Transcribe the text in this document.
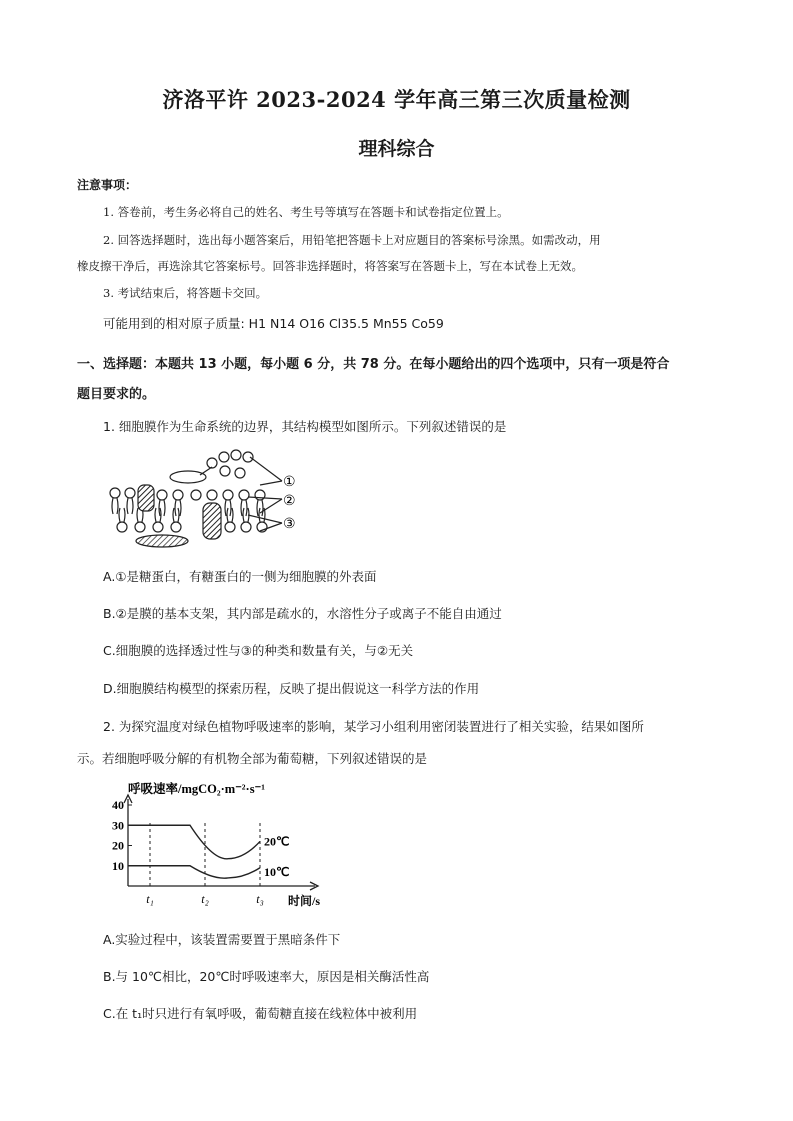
济洛平许 2023-2024 学年高三第三次质量检测
理科综合
注意事项：
1. 答卷前，考生务必将自己的姓名、考生号等填写在答题卡和试卷指定位置上。
2. 回答选择题时，选出每小题答案后，用铅笔把答题卡上对应题目的答案标号涂黑。如需改动，用
橡皮擦干净后，再选涂其它答案标号。回答非选择题时，将答案写在答题卡上，写在本试卷上无效。
3. 考试结束后，将答题卡交回。
可能用到的相对原子质量: H1 N14 O16 Cl35.5 Mn55 Co59
一、选择题：本题共 13 小题，每小题 6 分，共 78 分。在每小题给出的四个选项中，只有一项是符合
题目要求的。
1. 细胞膜作为生命系统的边界，其结构模型如图所示。下列叙述错误的是
①
②
③
A.①是糖蛋白，有糖蛋白的一侧为细胞膜的外表面
B.②是膜的基本支架，其内部是疏水的，水溶性分子或离子不能自由通过
C.细胞膜的选择透过性与③的种类和数量有关，与②无关
D.细胞膜结构模型的探索历程，反映了提出假说这一科学方法的作用
2. 为探究温度对绿色植物呼吸速率的影响，某学习小组利用密闭装置进行了相关实验，结果如图所
示。若细胞呼吸分解的有机物全部为葡萄糖，下列叙述错误的是
呼吸速率/mgCO₂·m⁻²·s⁻¹
时间/s
10
20
30
40
t₁	t₂	t₃
20℃
10℃
A.实验过程中，该装置需要置于黑暗条件下
B.与 10℃相比，20℃时呼吸速率大，原因是相关酶活性高
C.在 t₁时只进行有氧呼吸，葡萄糖直接在线粒体中被利用
